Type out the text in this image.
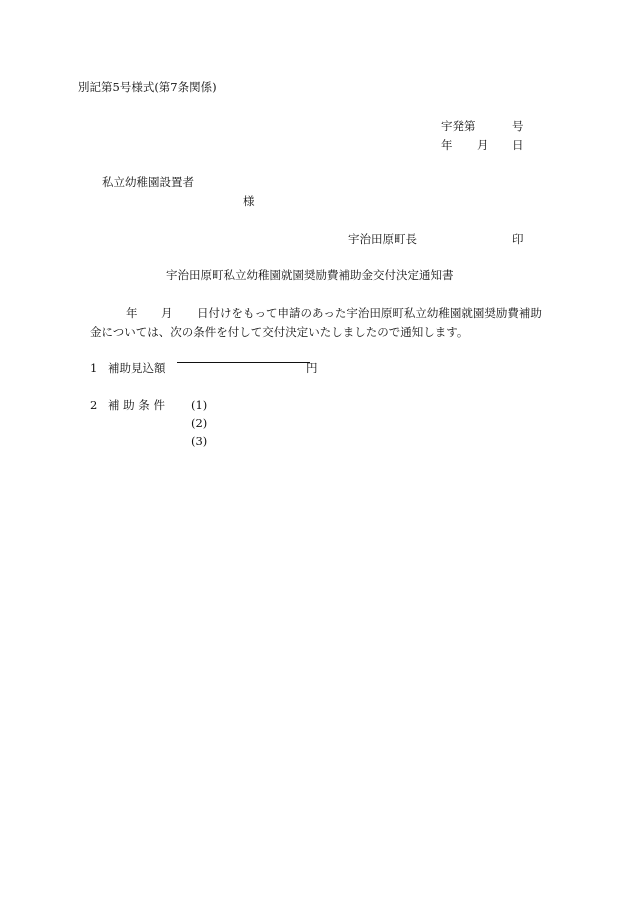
別記第5号様式(第7条関係)
宇発第	号
年 月 日
私立幼稚園設置者
様
宇治田原町長	印
宇治田原町私立幼稚園就園奨励費補助金交付決定通知書
年 月 日付けをもって申請のあった宇治田原町私立幼稚園就園奨励費補助
金については、次の条件を付して交付決定いたしましたので通知します。
1 補助見込額	円
2 補 助 条 件 (1)
(2)
(3)
